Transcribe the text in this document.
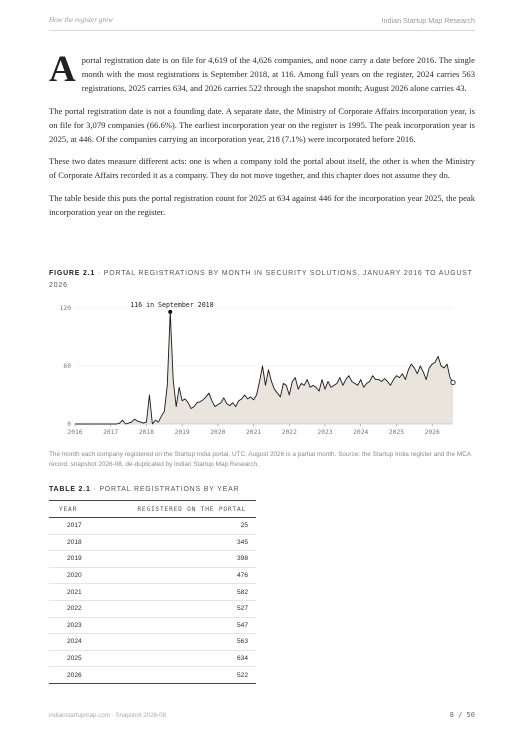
How the register grew	Indian Startup Map Research

Aportal registration date is on file for 4,619 of the 4,626 companies, and none carry a date before 2016. The single month with the most registrations is September 2018, at 116. Among full years on the register, 2024 carries 563 registrations, 2025 carries 634, and 2026 carries 522 through the snapshot month; August 2026 alone carries 43.

The portal registration date is not a founding date. A separate date, the Ministry of Corporate Affairs incorporation year, is on file for 3,079 companies (66.6%). The earliest incorporation year on the register is 1995. The peak incorporation year is 2025, at 446. Of the companies carrying an incorporation year, 218 (7.1%) were incorporated before 2016.

These two dates measure different acts: one is when a company told the portal about itself, the other is when the Ministry of Corporate Affairs recorded it as a company. They do not move together, and this chapter does not assume they do.

The table beside this puts the portal registration count for 2025 at 634 against 446 for the incorporation year 2025, the peak incorporation year on the register.

FIGURE 2.1 · PORTAL REGISTRATIONS BY MONTH IN SECURITY SOLUTIONS, JANUARY 2016 TO AUGUST 2026
0
60
120
2016	2017	2018	2019	2020	2021	2022	2023	2024	2025	2026
116 in September 2018
The month each company registered on the Startup India portal, UTC. August 2026 is a partial month. Source: the Startup India register and the MCA record, snapshot 2026-08, de-duplicated by Indian Startup Map Research.
TABLE 2.1 · PORTAL REGISTRATIONS BY YEAR
YEAR	REGISTERED ON THE PORTAL
2017	25
2018	345
2019	398
2020	476
2021	582
2022	527
2023	547
2024	563
2025	634
2026	522
indianstartupmap.com · Snapshot 2026-08	8 / 50
